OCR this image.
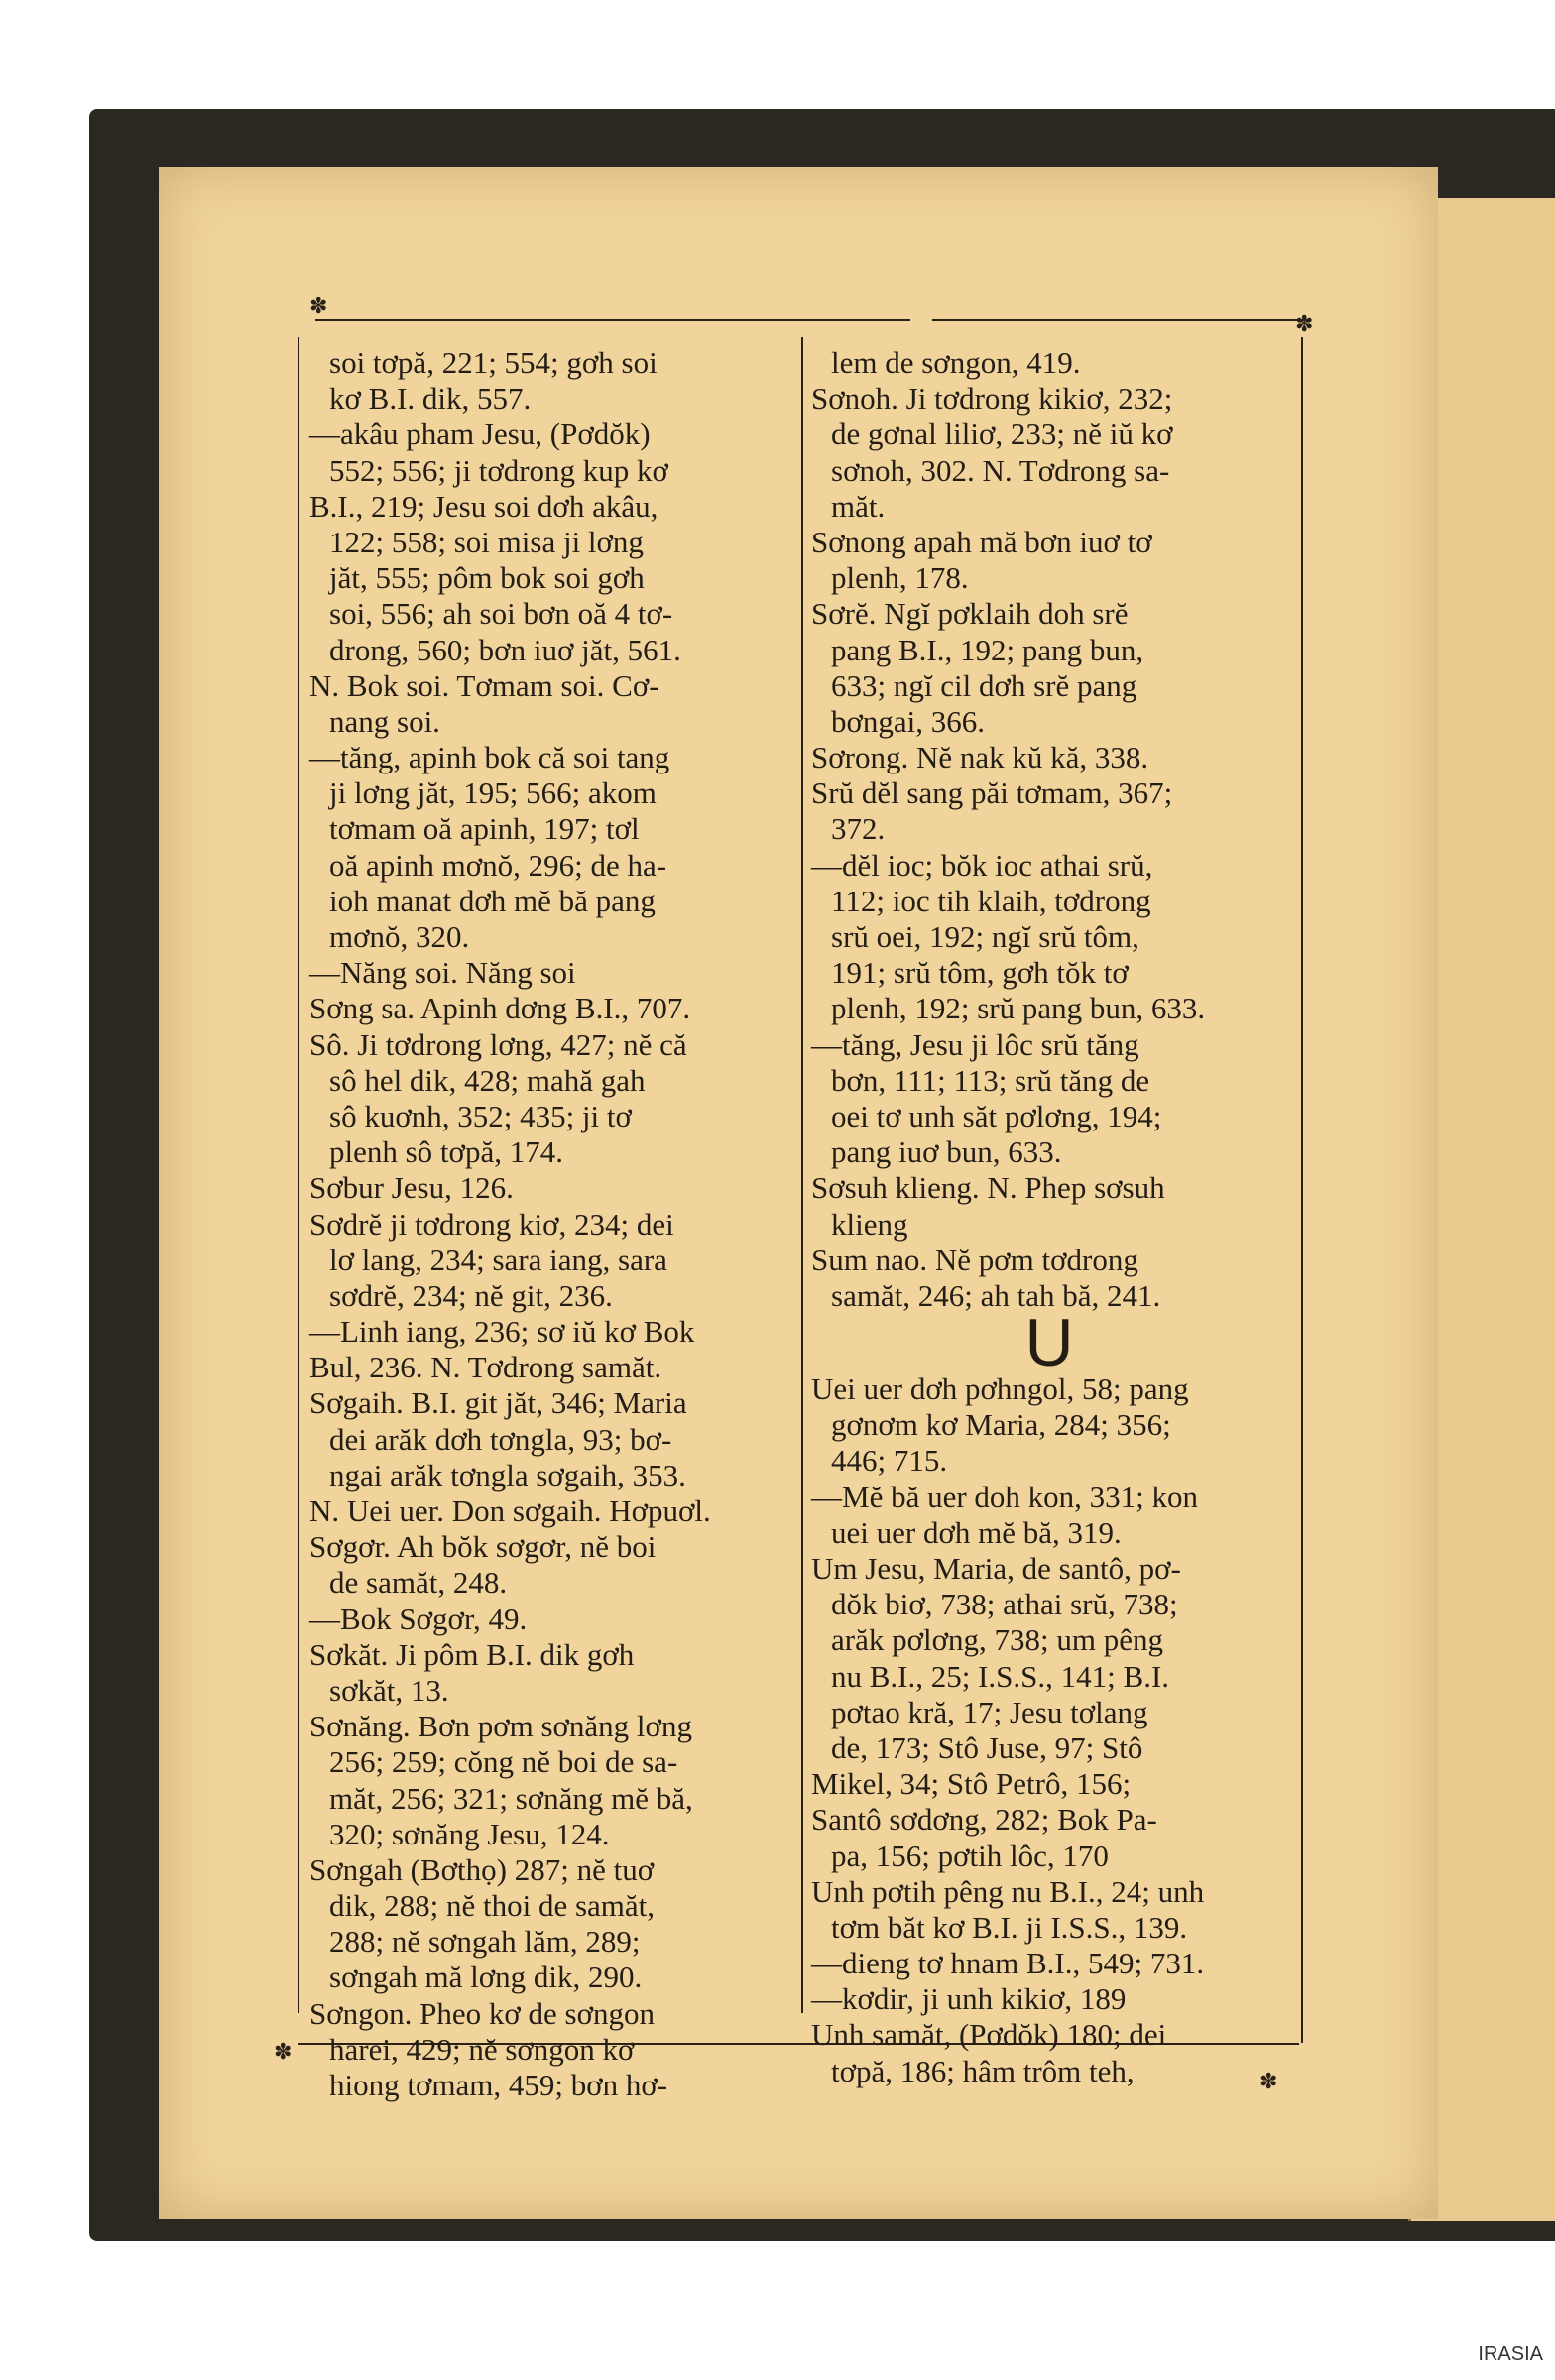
✽
✽
✽
✽
soi tơpă, 221; 554; gơh soi
kơ B.I. dik, 557.
—akâu pham Jesu, (Pơdŏk)
552; 556; ji tơdrong kup kơ
B.I., 219; Jesu soi dơh akâu,
122; 558; soi misa ji lơng
jăt, 555; pôm bok soi gơh
soi, 556; ah soi bơn oă 4 tơ-
drong, 560; bơn iuơ jăt, 561.
N. Bok soi. Tơmam soi. Cơ-
nang soi.
—tăng, apinh bok că soi tang
ji lơng jăt, 195; 566; akom
tơmam oă apinh, 197; tơl
oă apinh mơnŏ, 296; de ha-
ioh manat dơh mĕ bă pang
mơnŏ, 320.
—Năng soi. Năng soi
Sơng sa. Apinh dơng B.I., 707.
Sô. Ji tơdrong lơng, 427; nĕ că
sô hel dik, 428; mahă gah
sô kuơnh, 352; 435; ji tơ
plenh sô tơpă, 174.
Sơbur Jesu, 126.
Sơdrĕ ji tơdrong kiơ, 234; dei
lơ lang, 234; sara iang, sara
sơdrĕ, 234; nĕ git, 236.
—Linh iang, 236; sơ iŭ kơ Bok
Bul, 236. N. Tơdrong samăt.
Sơgaih. B.I. git jăt, 346; Maria
dei arăk dơh tơngla, 93; bơ-
ngai arăk tơngla sơgaih, 353.
N. Uei uer. Don sơgaih. Hơpuơl.
Sơgơr. Ah bŏk sơgơr, nĕ boi
de samăt, 248.
—Bok Sơgơr, 49.
Sơkăt. Ji pôm B.I. dik gơh
sơkăt, 13.
Sơnăng. Bơn pơm sơnăng lơng
256; 259; cŏng nĕ boi de sa-
măt, 256; 321; sơnăng mĕ bă,
320; sơnăng Jesu, 124.
Sơngah (Bơthọ) 287; nĕ tuơ
dik, 288; nĕ thoi de samăt,
288; nĕ sơngah lăm, 289;
sơngah mă lơng dik, 290.
Sơngon. Pheo kơ de sơngon
harei, 429; nĕ sơngon kơ
hiong tơmam, 459; bơn hơ-
lem de sơngon, 419.
Sơnoh. Ji tơdrong kikiơ, 232;
de gơnal liliơ, 233; nĕ iŭ kơ
sơnoh, 302. N. Tơdrong sa-
măt.
Sơnong apah mă bơn iuơ tơ
plenh, 178.
Sơrĕ. Ngĭ pơklaih doh srĕ
pang B.I., 192; pang bun,
633; ngĭ cil dơh srĕ pang
bơngai, 366.
Sơrong. Nĕ nak kŭ kă, 338.
Srŭ dĕl sang păi tơmam, 367;
372.
—dĕl ioc; bŏk ioc athai srŭ,
112; ioc tih klaih, tơdrong
srŭ oei, 192; ngĭ srŭ tôm,
191; srŭ tôm, gơh tŏk tơ
plenh, 192; srŭ pang bun, 633.
—tăng, Jesu ji lôc srŭ tăng
bơn, 111; 113; srŭ tăng de
oei tơ unh săt pơlơng, 194;
pang iuơ bun, 633.
Sơsuh klieng. N. Phep sơsuh
klieng
Sum nao. Nĕ pơm tơdrong
samăt, 246; ah tah bă, 241.
U
Uei uer dơh pơhngol, 58; pang
gơnơm kơ Maria, 284; 356;
446; 715.
—Mĕ bă uer doh kon, 331; kon
uei uer dơh mĕ bă, 319.
Um Jesu, Maria, de santô, pơ-
dŏk biơ, 738; athai srŭ, 738;
arăk pơlơng, 738; um pêng
nu B.I., 25; I.S.S., 141; B.I.
pơtao kră, 17; Jesu tơlang
de, 173; Stô Juse, 97; Stô
Mikel, 34; Stô Petrô, 156;
Santô sơdơng, 282; Bok Pa-
pa, 156; pơtih lôc, 170
Unh pơtih pêng nu B.I., 24; unh
tơm băt kơ B.I. ji I.S.S., 139.
—dieng tơ hnam B.I., 549; 731.
—kơdir, ji unh kikiơ, 189
Unh samăt, (Pơdŏk) 180; dei
tơpă, 186; hâm trôm teh,
IRASIA
